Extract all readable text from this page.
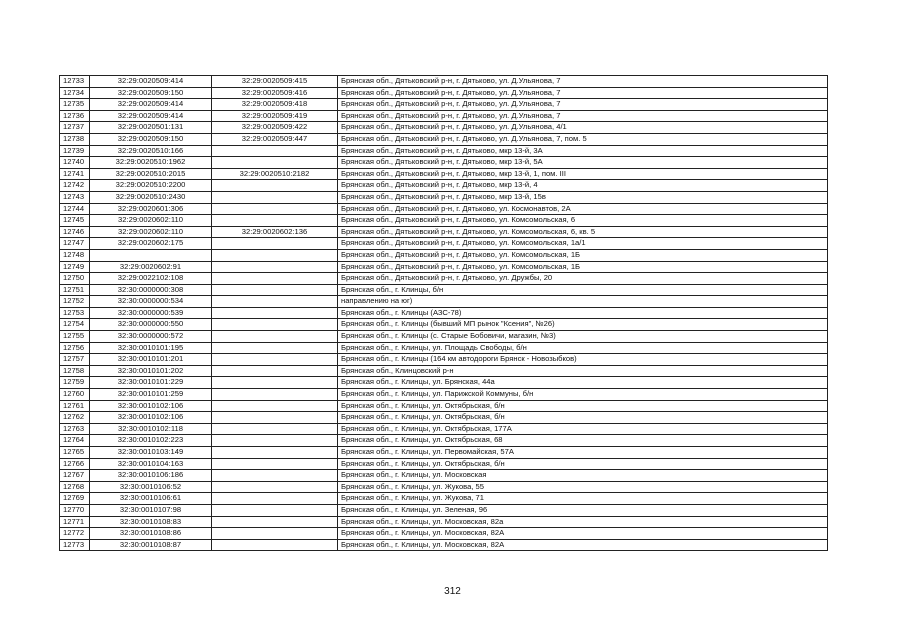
12733	32:29:0020509:414	32:29:0020509:415	Брянская обл., Дятьковский р-н, г. Дятьково, ул. Д.Ульянова, 7
12734	32:29:0020509:150	32:29:0020509:416	Брянская обл., Дятьковский р-н, г. Дятьково, ул. Д.Ульянова, 7
12735	32:29:0020509:414	32:29:0020509:418	Брянская обл., Дятьковский р-н, г. Дятьково, ул. Д.Ульянова, 7
12736	32:29:0020509:414	32:29:0020509:419	Брянская обл., Дятьковский р-н, г. Дятьково, ул. Д.Ульянова, 7
12737	32:29:0020501:131	32:29:0020509:422	Брянская обл., Дятьковский р-н, г. Дятьково, ул. Д.Ульянова, 4/1
12738	32:29:0020509:150	32:29:0020509:447	Брянская обл., Дятьковский р-н, г. Дятьково, ул. Д.Ульянова, 7, пом. 5
12739	32:29:0020510:166		Брянская обл., Дятьковский р-н, г. Дятьково, мкр 13-й, 3А
12740	32:29:0020510:1962		Брянская обл., Дятьковский р-н, г. Дятьково, мкр 13-й, 5А
12741	32:29:0020510:2015	32:29:0020510:2182	Брянская обл., Дятьковский р-н, г. Дятьково, мкр 13-й, 1, пом. III
12742	32:29:0020510:2200		Брянская обл., Дятьковский р-н, г. Дятьково, мкр 13-й, 4
12743	32:29:0020510:2430		Брянская обл., Дятьковский р-н, г. Дятьково, мкр 13-й, 15в
12744	32:29:0020601:306		Брянская обл., Дятьковский р-н, г. Дятьково, ул. Космонавтов, 2А
12745	32:29:0020602:110		Брянская обл., Дятьковский р-н, г. Дятьково, ул. Комсомольская, 6
12746	32:29:0020602:110	32:29:0020602:136	Брянская обл., Дятьковский р-н, г. Дятьково, ул. Комсомольская, 6, кв. 5
12747	32:29:0020602:175		Брянская обл., Дятьковский р-н, г. Дятьково, ул. Комсомольская, 1а/1
12748			Брянская обл., Дятьковский р-н, г. Дятьково, ул. Комсомольская, 1Б
12749	32:29:0020602:91		Брянская обл., Дятьковский р-н, г. Дятьково, ул. Комсомольская, 1Б
12750	32:29:0022102:108		Брянская обл., Дятьковский р-н, г. Дятьково, ул. Дружбы, 20
12751	32:30:0000000:308		Брянская обл., г. Клинцы, б/н
12752	32:30:0000000:534		направлению на юг)
12753	32:30:0000000:539		Брянская обл., г. Клинцы (АЗС-78)
12754	32:30:0000000:550		Брянская обл., г. Клинцы (бывший МП рынок "Ксения", №26)
12755	32:30:0000000:572		Брянская обл., г. Клинцы (с. Старые Бобовичи, магазин, №3)
12756	32:30:0010101:195		Брянская обл., г. Клинцы, ул. Площадь Свободы, б/н
12757	32:30:0010101:201		Брянская обл., г. Клинцы (164 км автодороги Брянск - Новозыбков)
12758	32:30:0010101:202		Брянская обл., Клинцовский р-н
12759	32:30:0010101:229		Брянская обл., г. Клинцы, ул. Брянская, 44а
12760	32:30:0010101:259		Брянская обл., г. Клинцы, ул. Парижской Коммуны, б/н
12761	32:30:0010102:106		Брянская обл., г. Клинцы, ул. Октябрьская, б/н
12762	32:30:0010102:106		Брянская обл., г. Клинцы, ул. Октябрьская, б/н
12763	32:30:0010102:118		Брянская обл., г. Клинцы, ул. Октябрьская, 177А
12764	32:30:0010102:223		Брянская обл., г. Клинцы, ул. Октябрьская, 68
12765	32:30:0010103:149		Брянская обл., г. Клинцы, ул. Первомайская, 57А
12766	32:30:0010104:163		Брянская обл., г. Клинцы, ул. Октябрьская, б/н
12767	32:30:0010106:186		Брянская обл., г. Клинцы, ул. Московская
12768	32:30:0010106:52		Брянская обл., г. Клинцы, ул. Жукова, 55
12769	32:30:0010106:61		Брянская обл., г. Клинцы, ул. Жукова, 71
12770	32:30:0010107:98		Брянская обл., г. Клинцы, ул. Зеленая, 96
12771	32:30:0010108:83		Брянская обл., г. Клинцы, ул. Московская, 82а
12772	32:30:0010108:86		Брянская обл., г. Клинцы, ул. Московская, 82А
12773	32:30:0010108:87		Брянская обл., г. Клинцы, ул. Московская, 82А
312
